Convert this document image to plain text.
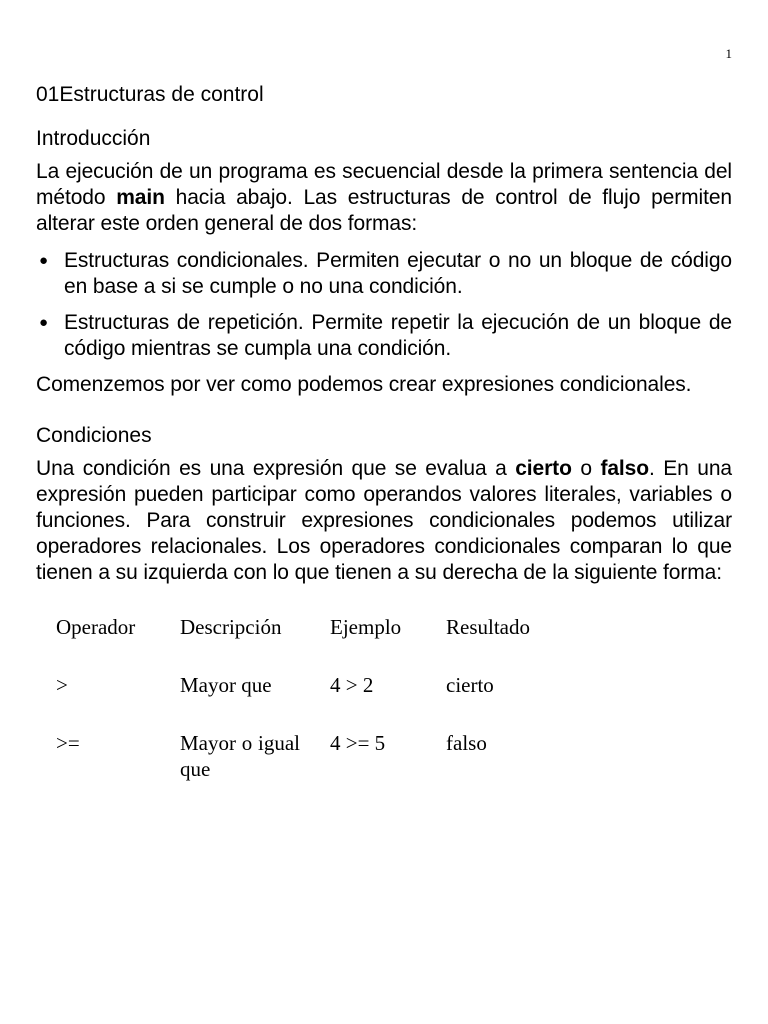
1
01Estructuras de control
Introducción

La ejecución de un programa es secuencial desde la primera sentencia del método main hacia abajo. Las estructuras de control de flujo permiten alterar este orden general de dos formas:

● Estructuras condicionales. Permiten ejecutar o no un bloque de código en base a si se cumple o no una condición.
● Estructuras de repetición. Permite repetir la ejecución de un bloque de código mientras se cumpla una condición.

Comenzemos por ver como podemos crear expresiones condicionales.

Condiciones

Una condición es una expresión que se evalua a cierto o falso. En una expresión pueden participar como operandos valores literales, variables o funciones. Para construir expresiones condicionales podemos utilizar operadores relacionales. Los operadores condicionales comparan lo que tienen a su izquierda con lo que tienen a su derecha de la siguiente forma:

Operador	Descripción	Ejemplo	Resultado
>	Mayor que	4 > 2	cierto
>=	Mayor o igual que	4 >= 5	falso
